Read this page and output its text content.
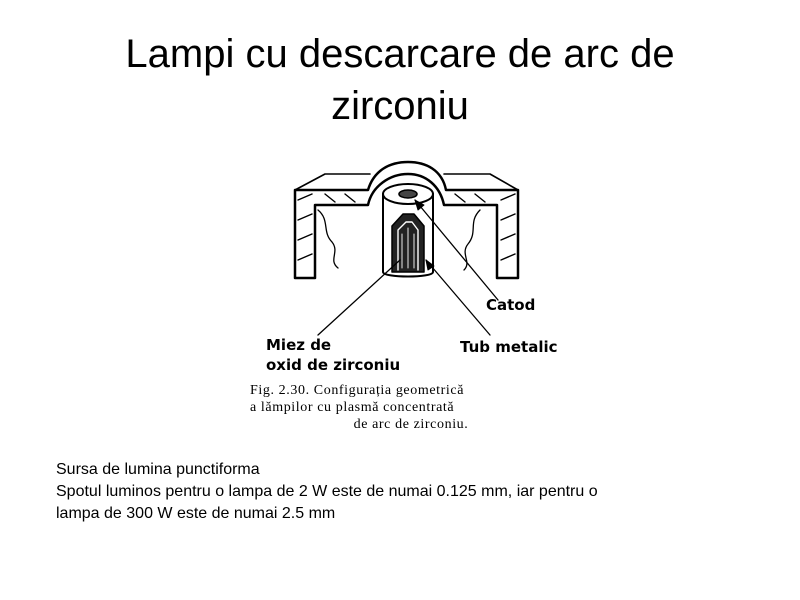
Lampi cu descarcare de arc de
zirconiu
Catod
Miez de
oxid de zirconiu
Tub metalic
Fig. 2.30. Configurația geometrică
a lămpilor cu plasmă concentrată
de arc de zirconiu.
Sursa de lumina punctiforma
Spotul luminos pentru o lampa de 2 W este de numai 0.125 mm, iar pentru o
lampa de 300 W este de numai 2.5 mm
